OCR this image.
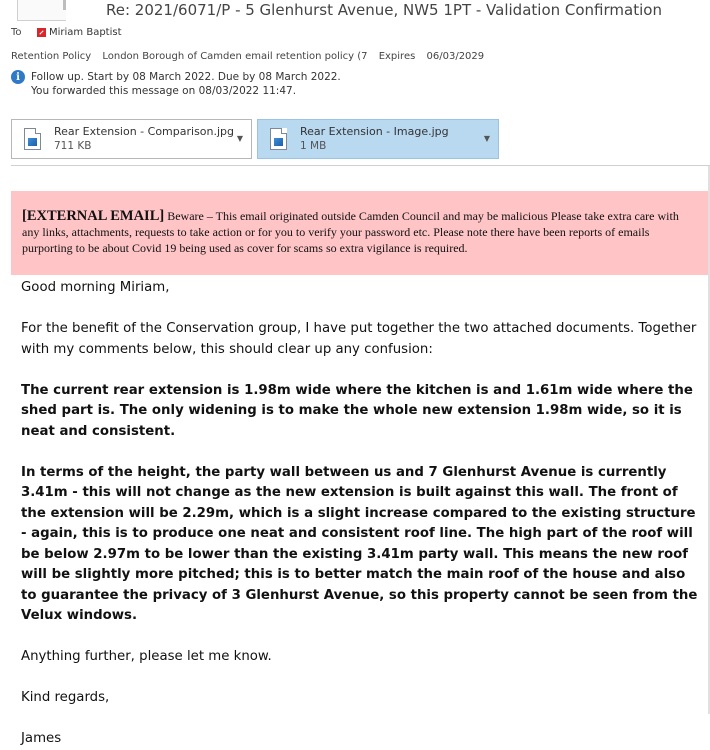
Re: 2021/6071/P - 5 Glenhurst Avenue, NW5 1PT - Validation Confirmation
To	Miriam Baptist
Retention Policy London Borough of Camden email retention policy (7 Expires 06/03/2029
i	Follow up. Start by 08 March 2022. Due by 08 March 2022.
You forwarded this message on 08/03/2022 11:47.
Rear Extension - Comparison.jpg
711 KB
▼
Rear Extension - Image.jpg
1 MB
▼
[EXTERNAL EMAIL] Beware – This email originated outside Camden Council and may be malicious Please take extra care with any links, attachments, requests to take action or for you to verify your password etc. Please note there have been reports of emails purporting to be about Covid 19 being used as cover for scams so extra vigilance is required.

Good morning Miriam,

For the benefit of the Conservation group, I have put together the two attached documents. Together with my comments below, this should clear up any confusion:

The current rear extension is 1.98m wide where the kitchen is and 1.61m wide where the shed part is. The only widening is to make the whole new extension 1.98m wide, so it is neat and consistent.

In terms of the height, the party wall between us and 7 Glenhurst Avenue is currently 3.41m - this will not change as the new extension is built against this wall. The front of the extension will be 2.29m, which is a slight increase compared to the existing structure - again, this is to produce one neat and consistent roof line. The high part of the roof will be below 2.97m to be lower than the existing 3.41m party wall. This means the new roof will be slightly more pitched; this is to better match the main roof of the house and also to guarantee the privacy of 3 Glenhurst Avenue, so this property cannot be seen from the Velux windows.

Anything further, please let me know.

Kind regards,

James
